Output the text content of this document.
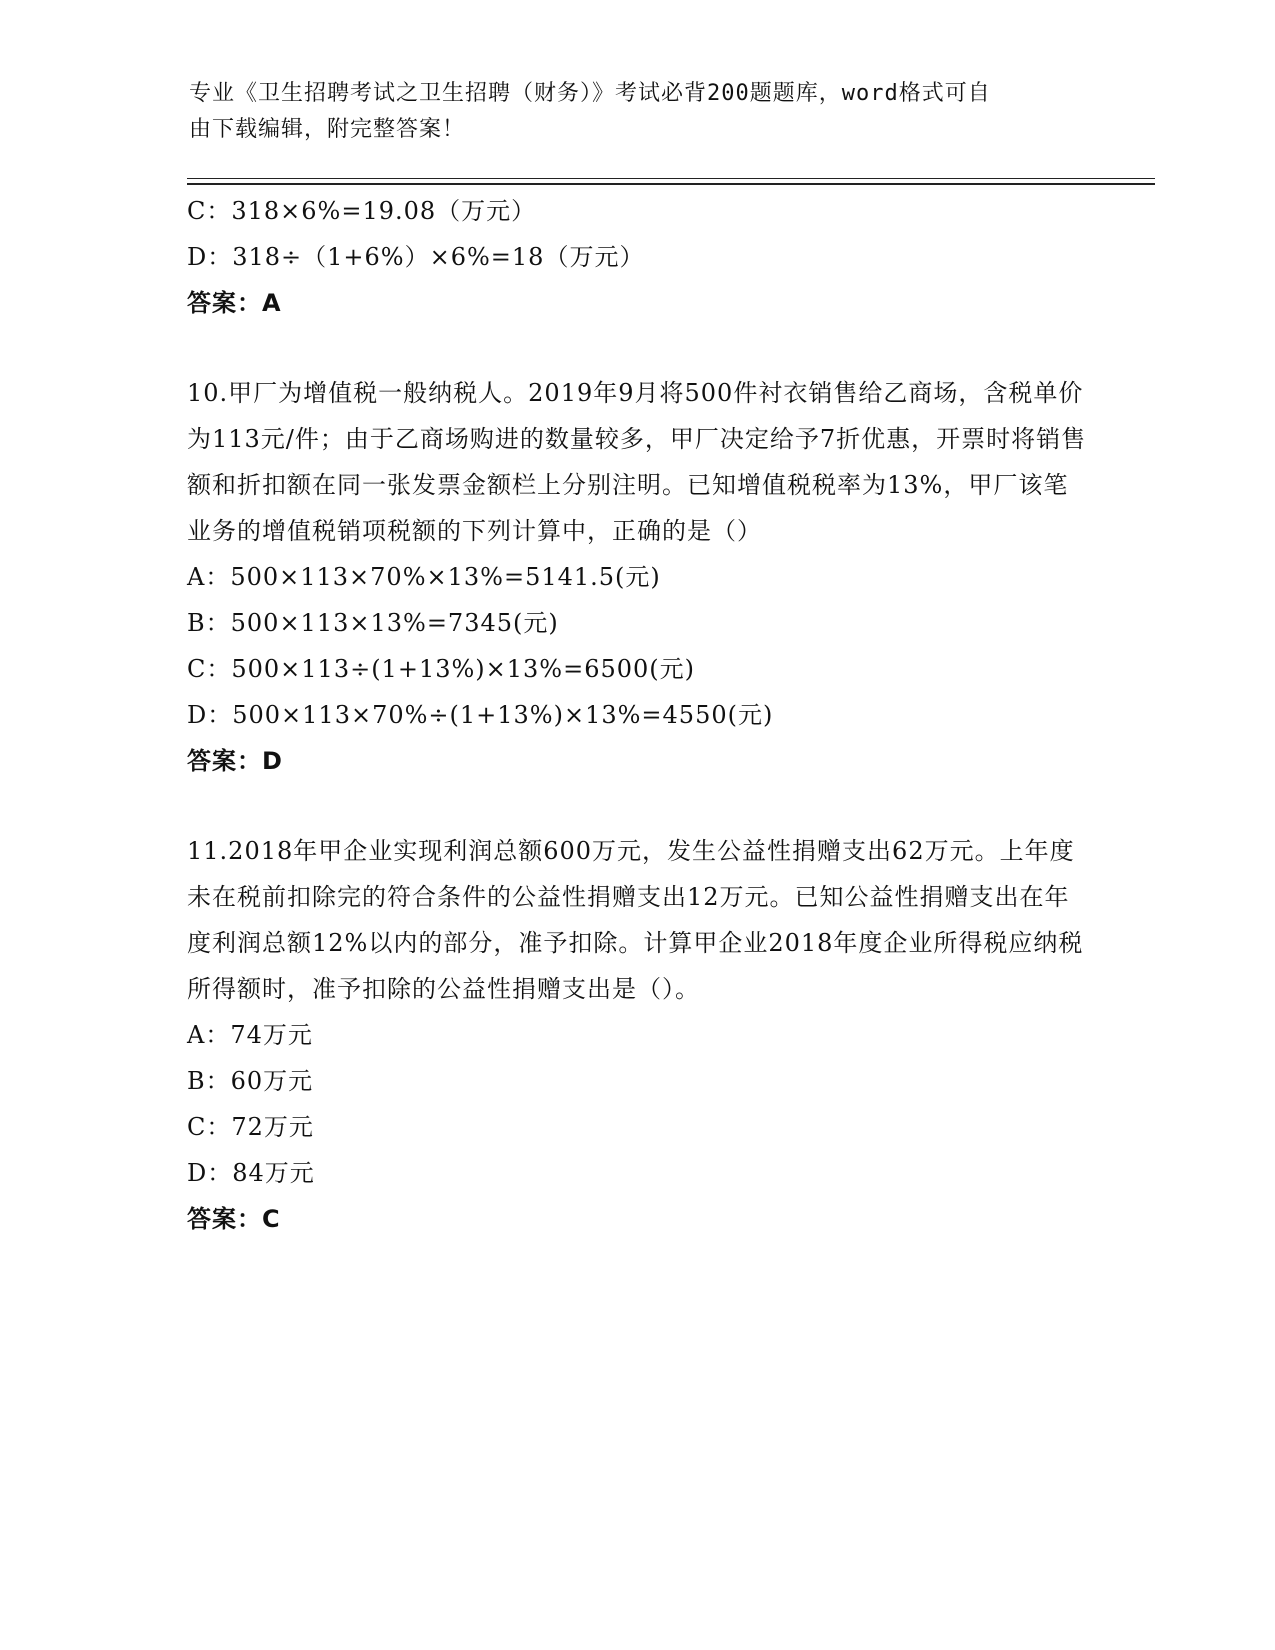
专业《卫生招聘考试之卫生招聘（财务）》考试必背200题题库，word格式可自
由下载编辑，附完整答案！
C：318×6%=19.08（万元）
D：318÷（1+6%）×6%=18（万元）
答案：A
10.甲厂为增值税一般纳税人。2019年9月将500件衬衣销售给乙商场，含税单价为113元/件；由于乙商场购进的数量较多，甲厂决定给予7折优惠，开票时将销售额和折扣额在同一张发票金额栏上分别注明。已知增值税税率为13%，甲厂该笔业务的增值税销项税额的下列计算中，正确的是（）
A：500×113×70%×13%=5141.5(元)
B：500×113×13%=7345(元)
C：500×113÷(1+13%)×13%=6500(元)
D：500×113×70%÷(1+13%)×13%=4550(元)
答案：D
11.2018年甲企业实现利润总额600万元，发生公益性捐赠支出62万元。上年度未在税前扣除完的符合条件的公益性捐赠支出12万元。已知公益性捐赠支出在年度利润总额12%以内的部分，准予扣除。计算甲企业2018年度企业所得税应纳税所得额时，准予扣除的公益性捐赠支出是（）。
A：74万元
B：60万元
C：72万元
D：84万元
答案：C
